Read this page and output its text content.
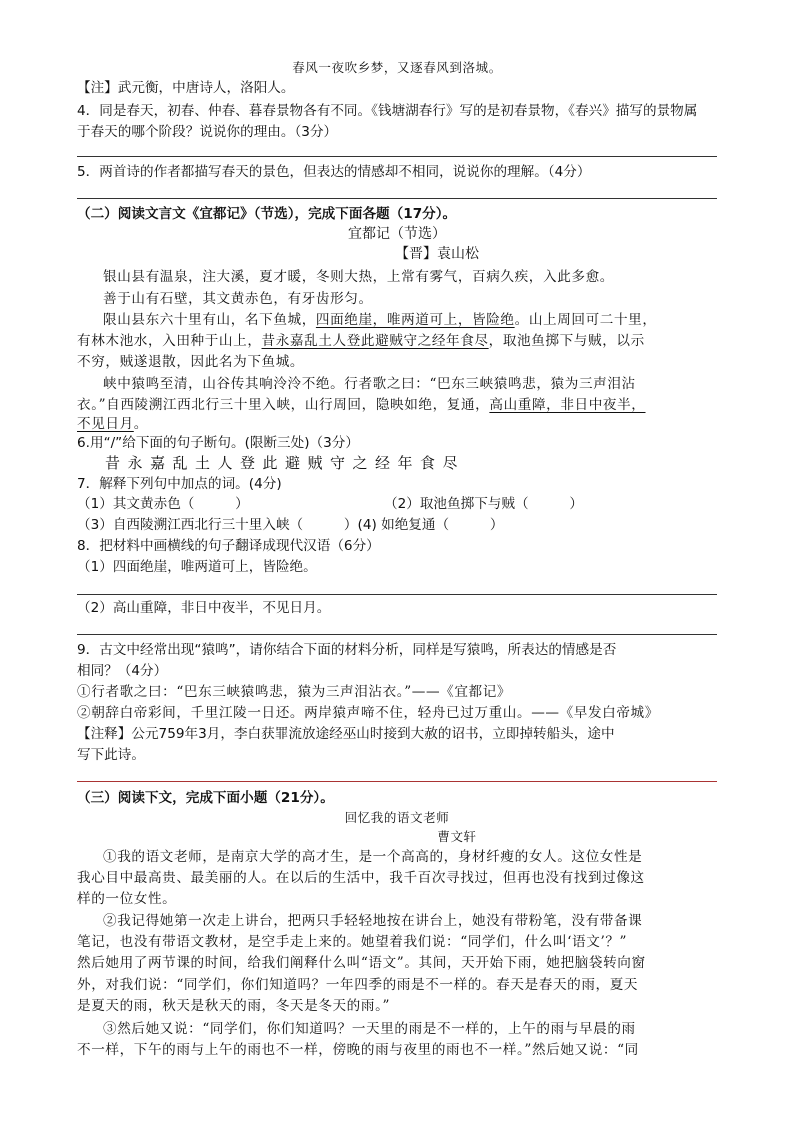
春风一夜吹乡梦，又逐春风到洛城。
【注】武元衡，中唐诗人，洛阳人。
4．同是春天，初春、仲春、暮春景物各有不同。《钱塘湖春行》写的是初春景物，《春兴》描写的景物属
于春天的哪个阶段？说说你的理由。（3分）
5．两首诗的作者都描写春天的景色，但表达的情感却不相同，说说你的理解。（4分）
（二）阅读文言文《宜都记》（节选），完成下面各题（17分）。
宜都记（节选）
【晋】袁山松
银山县有温泉，注大溪，夏才暖，冬则大热，上常有雾气，百病久疾，入此多愈。
善于山有石壁，其文黄赤色，有牙齿形匀。
限山县东六十里有山，名下鱼城，四面绝崖，唯两道可上，皆险绝。山上周回可二十里，
有林木池水，入田种于山上，昔永嘉乱土人登此避贼守之经年食尽，取池鱼掷下与贼，以示
不穷，贼遂退散，因此名为下鱼城。
峡中猿鸣至清，山谷传其响泠泠不绝。行者歌之曰：“巴东三峡猿鸣悲，猿为三声泪沾
衣。”自西陵溯江西北行三十里入峡，山行周回，隐映如绝，复通，高山重障，非日中夜半，
不见日月。
6.用“/”给下面的句子断句。(限断三处)（3分）
昔永嘉乱土人登此避贼守之经年食尽
7．解释下列句中加点的词。(4分)
（1）其文黄赤色（　　　）	（2）取池鱼掷下与贼（　　　）
（3）自西陵溯江西北行三十里入峡（　　　）(4) 如绝复通（　　　）
8．把材料中画横线的句子翻译成现代汉语（6分）
（1）四面绝崖，唯两道可上，皆险绝。
（2）高山重障，非日中夜半，不见日月。
9．古文中经常出现“猿鸣”，请你结合下面的材料分析，同样是写猿鸣，所表达的情感是否
相同？（4分）
①行者歌之曰：“巴东三峡猿鸣悲，猿为三声泪沾衣。”——《宜都记》
②朝辞白帝彩间，千里江陵一日还。两岸猿声啼不住，轻舟已过万重山。——《早发白帝城》
【注释】公元759年3月，李白获罪流放途经巫山时接到大赦的诏书，立即掉转船头，途中
写下此诗。
（三）阅读下文，完成下面小题（21分）。
回忆我的语文老师
曹文轩
①我的语文老师，是南京大学的高才生，是一个高高的，身材纤瘦的女人。这位女性是
我心目中最高贵、最美丽的人。在以后的生活中，我千百次寻找过，但再也没有找到过像这
样的一位女性。
②我记得她第一次走上讲台，把两只手轻轻地按在讲台上，她没有带粉笔，没有带备课
笔记，也没有带语文教材，是空手走上来的。她望着我们说：“同学们，什么叫‘语文’？”
然后她用了两节课的时间，给我们阐释什么叫“语文”。其间，天开始下雨，她把脑袋转向窗
外，对我们说：“同学们，你们知道吗？一年四季的雨是不一样的。春天是春天的雨，夏天
是夏天的雨，秋天是秋天的雨，冬天是冬天的雨。”
③然后她又说：“同学们，你们知道吗？一天里的雨是不一样的，上午的雨与早晨的雨
不一样，下午的雨与上午的雨也不一样，傍晚的雨与夜里的雨也不一样。”然后她又说：“同
